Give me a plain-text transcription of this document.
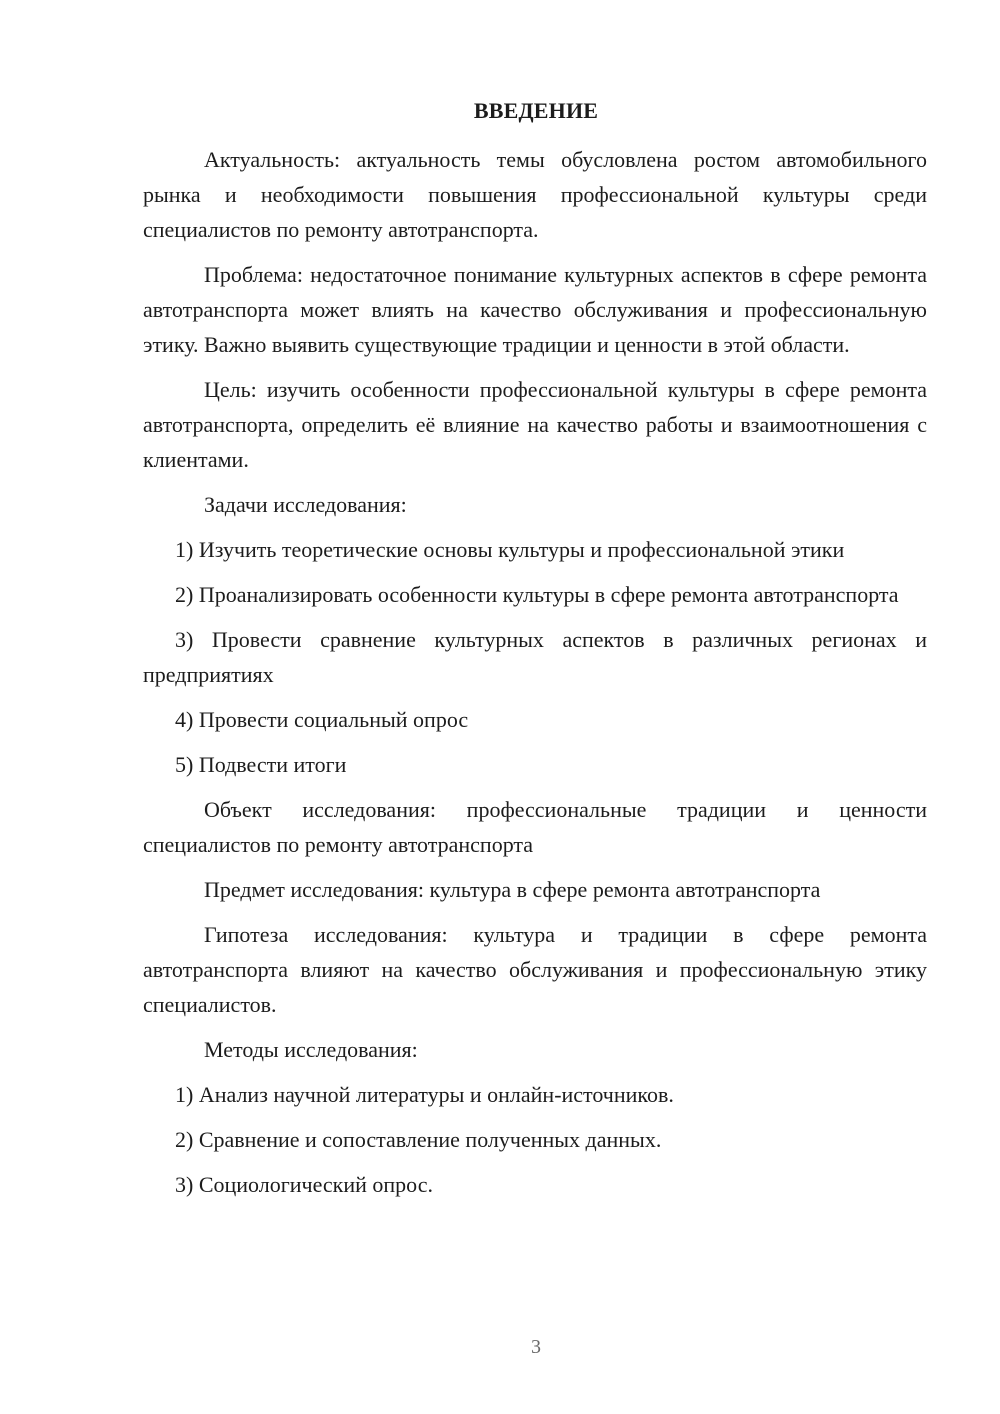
ВВЕДЕНИЕ

Актуальность: актуальность темы обусловлена ростом автомобильного рынка и необходимости повышения профессиональной культуры среди специалистов по ремонту автотранспорта.

Проблема: недостаточное понимание культурных аспектов в сфере ремонта автотранспорта может влиять на качество обслуживания и профессиональную этику. Важно выявить существующие традиции и ценности в этой области.

Цель: изучить особенности профессиональной культуры в сфере ремонта автотранспорта, определить её влияние на качество работы и взаимоотношения с клиентами.

Задачи исследования:

1) Изучить теоретические основы культуры и профессиональной этики

2) Проанализировать особенности культуры в сфере ремонта автотранспорта

3) Провести сравнение культурных аспектов в различных регионах и предприятиях

4) Провести социальный опрос

5) Подвести итоги

Объект исследования: профессиональные традиции и ценности специалистов по ремонту автотранспорта

Предмет исследования: культура в сфере ремонта автотранспорта

Гипотеза исследования: культура и традиции в сфере ремонта автотранспорта влияют на качество обслуживания и профессиональную этику специалистов.

Методы исследования:

1) Анализ научной литературы и онлайн-источников.

2) Сравнение и сопоставление полученных данных.

3) Социологический опрос.

3
